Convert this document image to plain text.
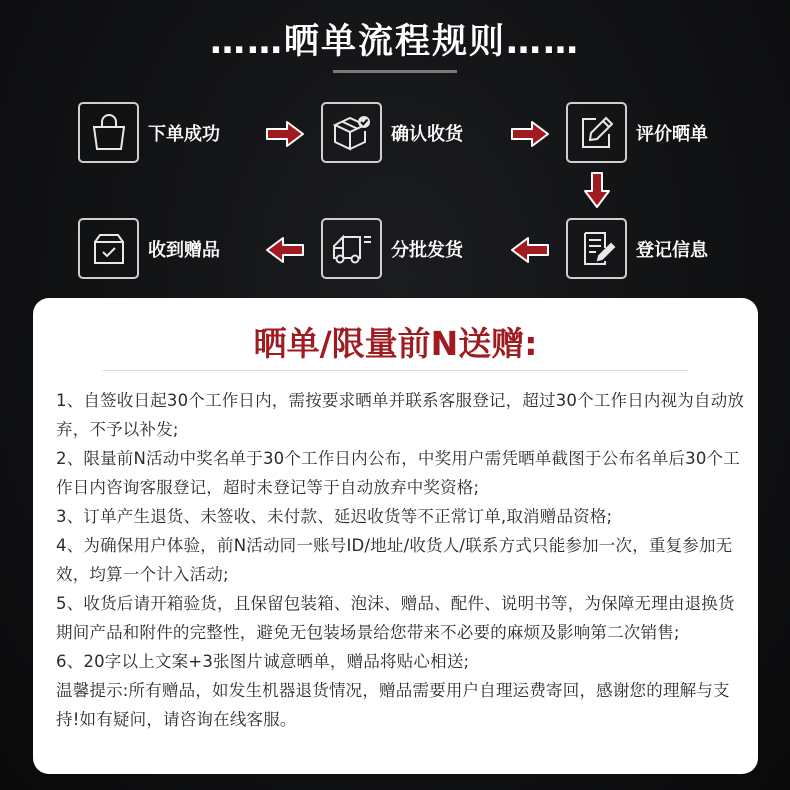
……晒单流程规则……
下单成功	确认收货	评价晒单
登记信息
分批发货
收到赠品
晒单/限量前N送赠:

1、自签收日起30个工作日内，需按要求晒单并联系客服登记，超过30个工作日内视为自动放弃，不予以补发;

2、限量前N活动中奖名单于30个工作日内公布，中奖用户需凭晒单截图于公布名单后30个工作日内咨询客服登记，超时未登记等于自动放弃中奖资格;

3、订单产生退货、未签收、未付款、延迟收货等不正常订单,取消赠品资格;

4、为确保用户体验，前N活动同一账号ID/地址/收货人/联系方式只能参加一次，重复参加无效，均算一个计入活动;

5、收货后请开箱验货，且保留包装箱、泡沫、赠品、配件、说明书等，为保障无理由退换货期间产品和附件的完整性，避免无包装场景给您带来不必要的麻烦及影响第二次销售;

6、20字以上文案+3张图片诚意晒单，赠品将贴心相送;

温馨提示:所有赠品，如发生机器退货情况，赠品需要用户自理运费寄回，感谢您的理解与支持!如有疑问，请咨询在线客服。
